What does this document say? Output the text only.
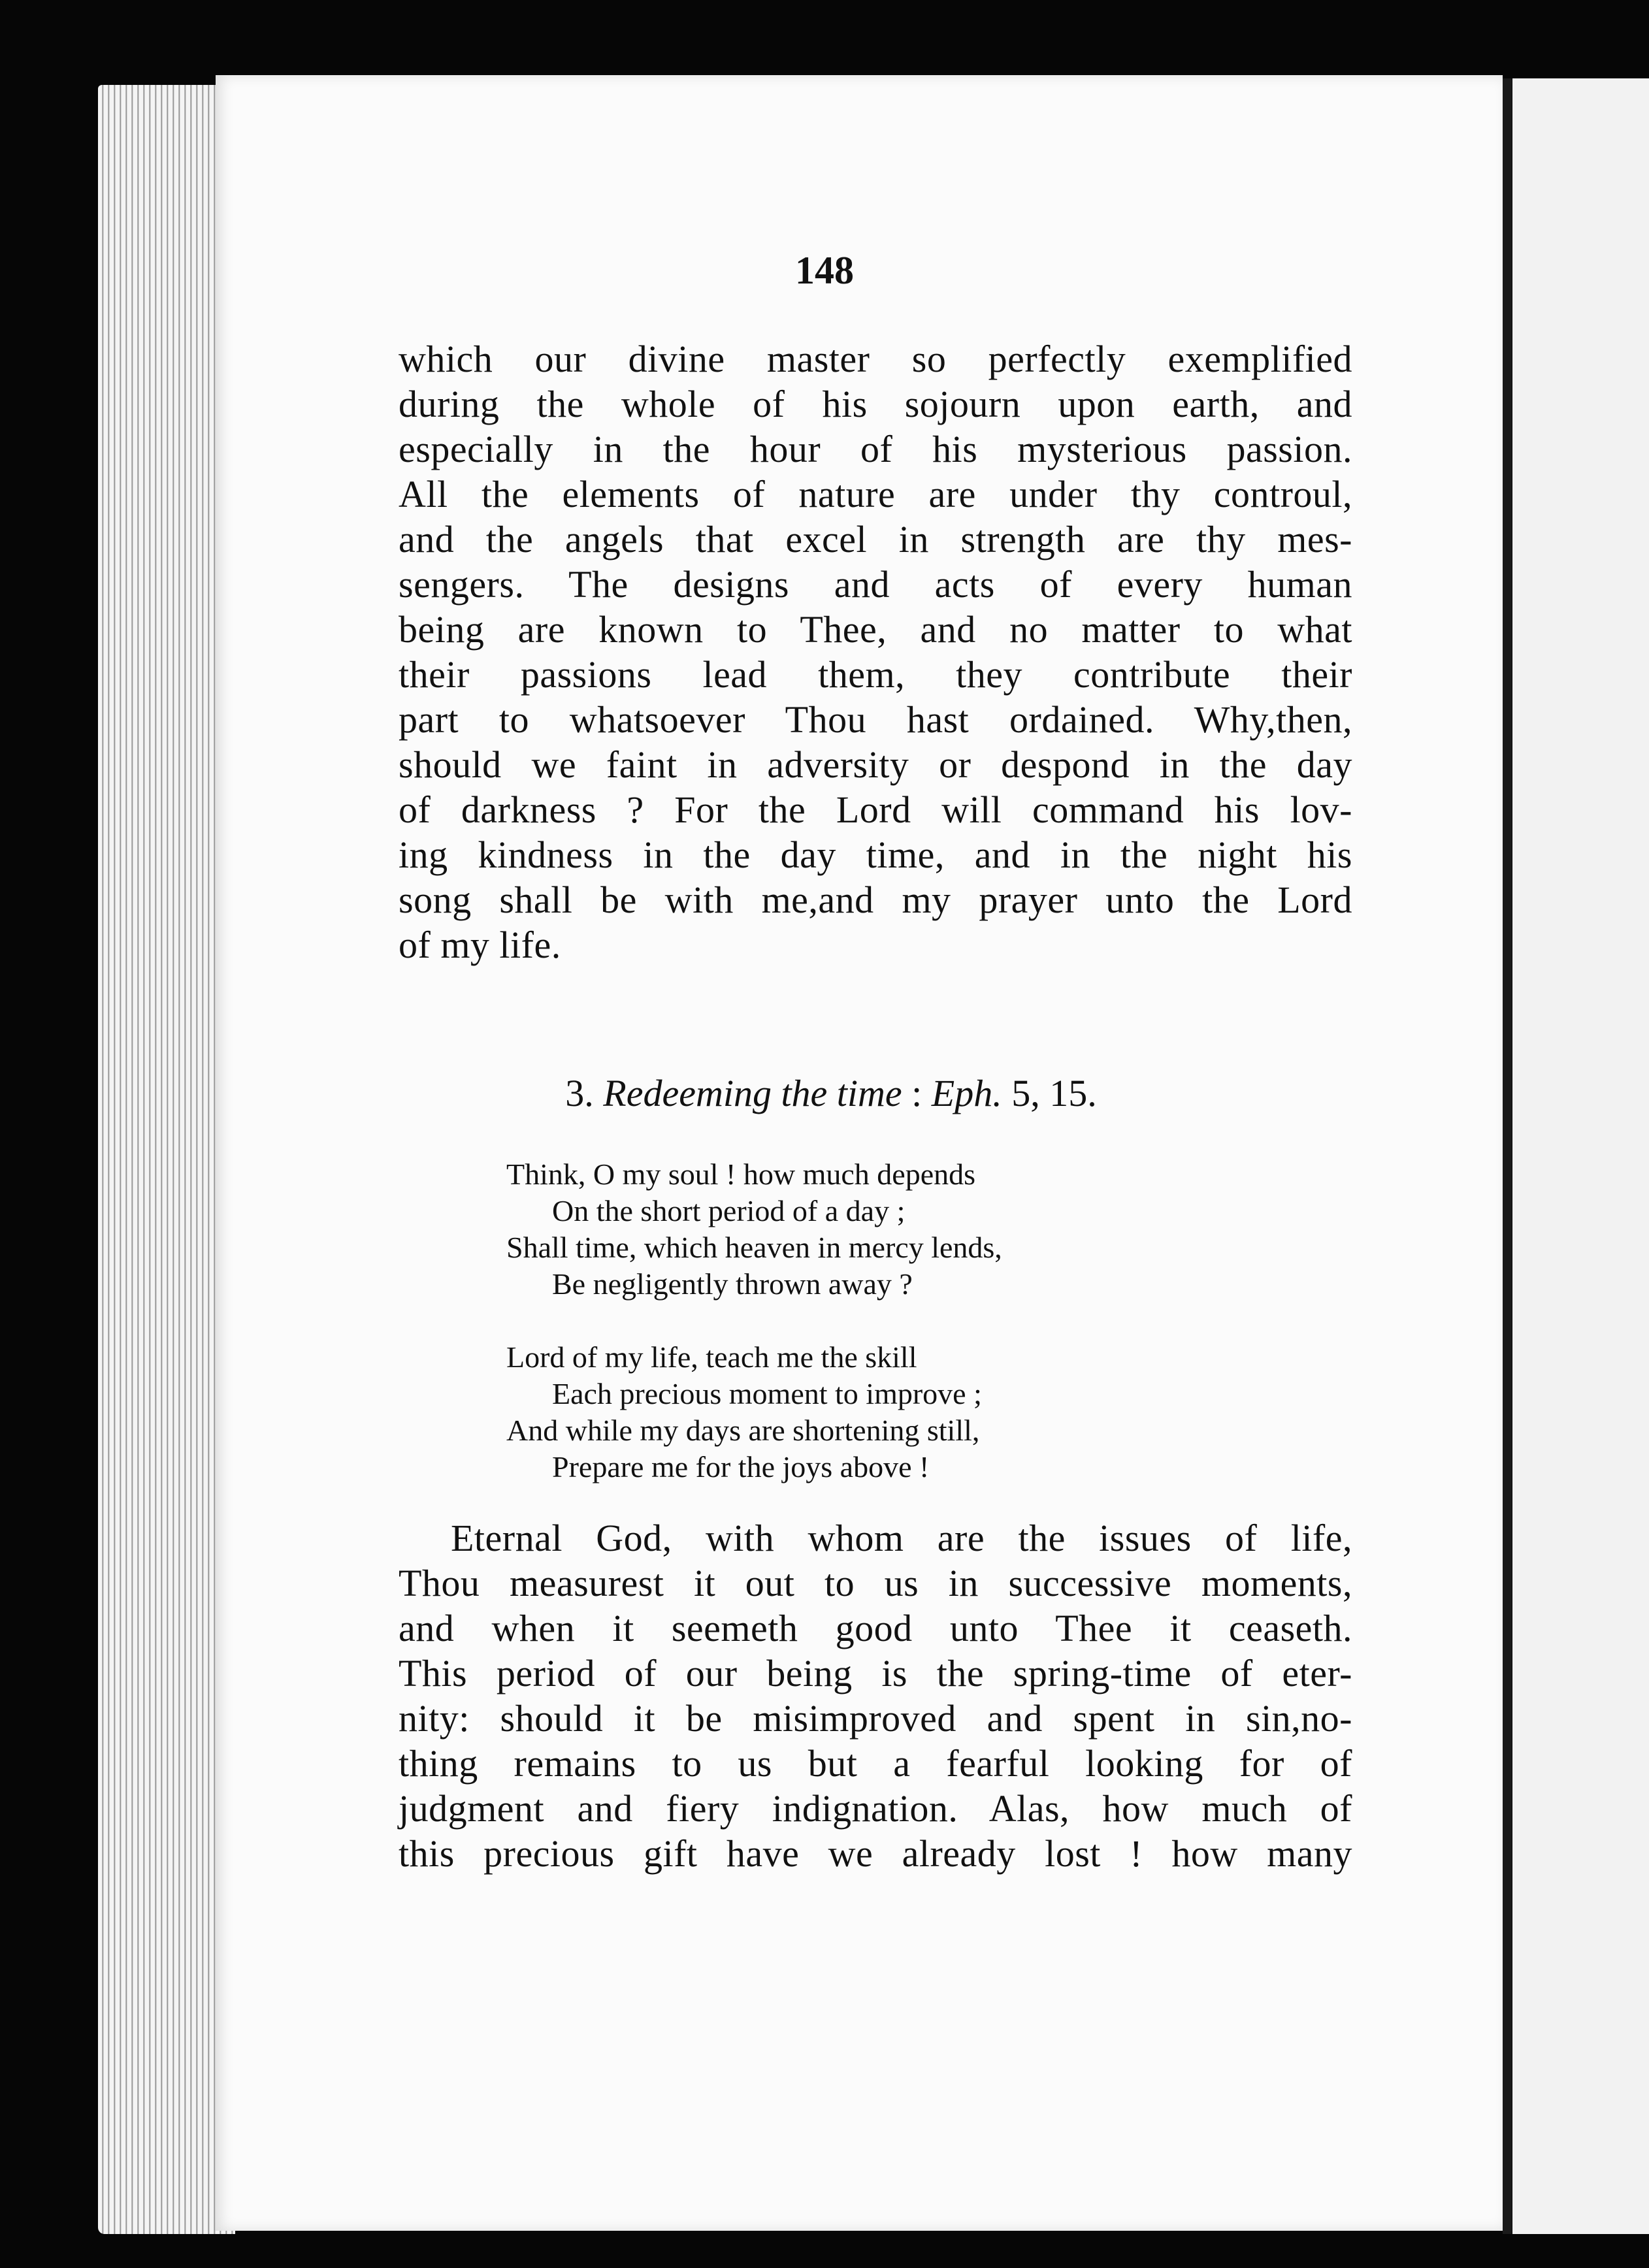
148
which our divine master so perfectly exemplified
during the whole of his sojourn upon earth, and
especially in the hour of his mysterious passion.
All the elements of nature are under thy controul,
and the angels that excel in strength are thy mes-
sengers. The designs and acts of every human
being are known to Thee, and no matter to what
their passions lead them, they contribute their
part to whatsoever Thou hast ordained. Why,then,
should we faint in adversity or despond in the day
of darkness ? For the Lord will command his lov-
ing kindness in the day time, and in the night his
song shall be with me,and my prayer unto the Lord
of my life.
3. Redeeming the time : Eph. 5, 15.
Think, O my soul ! how much depends
On the short period of a day ;
Shall time, which heaven in mercy lends,
Be negligently thrown away ?
Lord of my life, teach me the skill
Each precious moment to improve ;
And while my days are shortening still,
Prepare me for the joys above !
Eternal God, with whom are the issues of life,
Thou measurest it out to us in successive moments,
and when it seemeth good unto Thee it ceaseth.
This period of our being is the spring-time of eter-
nity: should it be misimproved and spent in sin,no-
thing remains to us but a fearful looking for of
judgment and fiery indignation. Alas, how much of
this precious gift have we already lost ! how many
